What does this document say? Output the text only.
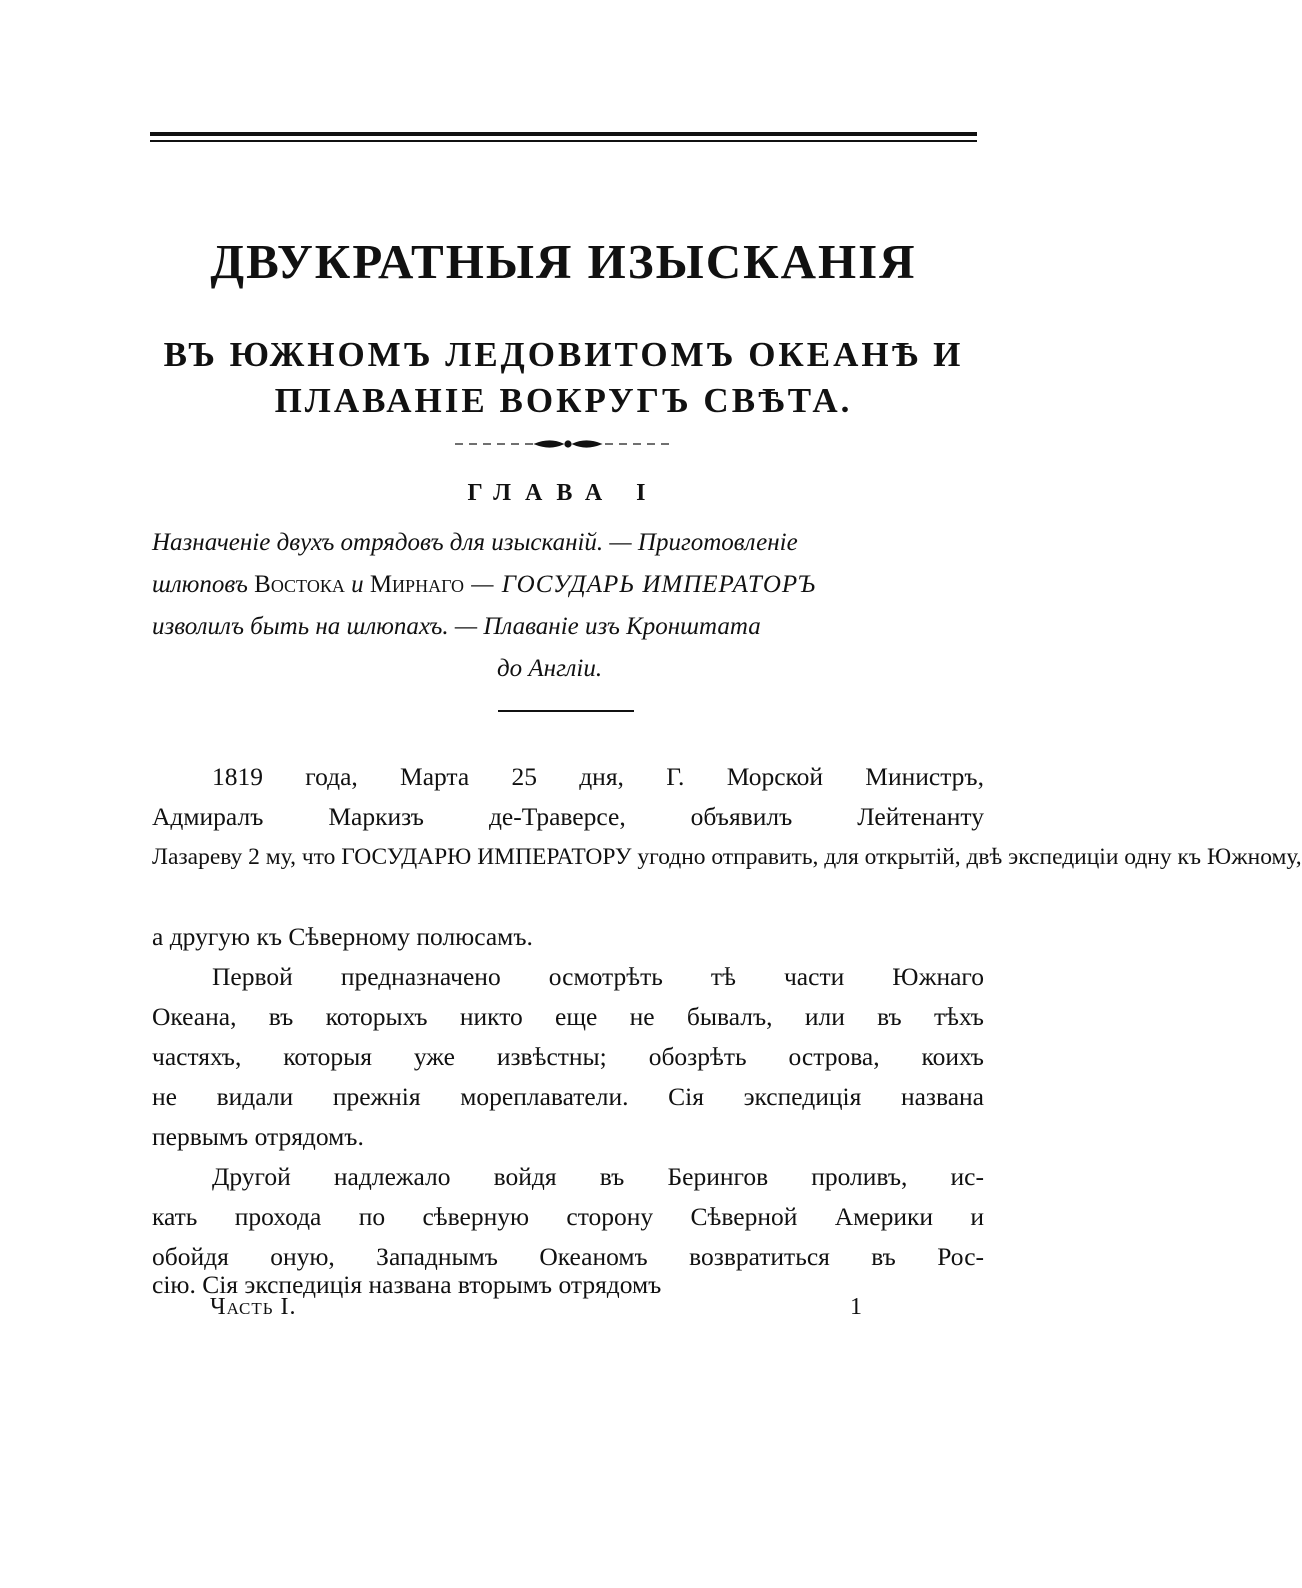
ДВУКРАТНЫЯ ИЗЫСКАНІЯ
ВЪ ЮЖНОМЪ ЛЕДОВИТОМЪ ОКЕАНѢ И
ПЛАВАНІЕ ВОКРУГЪ СВѢТА.
ГЛАВА I
Назначеніе двухъ отрядовъ для изысканій. — Приготовленіе
шлюповъ Востока и Мирнаго — ГОСУДАРЬ ИМПЕРАТОРЪ
изволилъ быть на шлюпахъ. — Плаваніе изъ Кронштата
до Англіи.
1819 года, Марта 25 дня, Г. Морской Министръ,
Адмиралъ Маркизъ де-Траверсе, объявилъ Лейтенанту
Лазареву 2 му, что ГОСУДАРЮ ИМПЕРАТОРУ угодно отправить, для открытій, двѣ экспедиціи одну къ Южному,
а другую къ Сѣверному полюсамъ.
Первой предназначено осмотрѣть тѣ части Южнаго
Океана, въ которыхъ никто еще не бывалъ, или въ тѣхъ
частяхъ, которыя уже извѣстны; обозрѣть острова, коихъ
не видали прежнія мореплаватели. Сія экспедиція названа
первымъ отрядомъ.
Другой надлежало войдя въ Берингов проливъ, ис-
кать прохода по сѣверную сторону Сѣверной Америки и
обойдя оную, Западнымъ Океаномъ возвратиться въ Рос-
сію. Сія экспедиція названа вторымъ отрядомъ
Часть I.	1
